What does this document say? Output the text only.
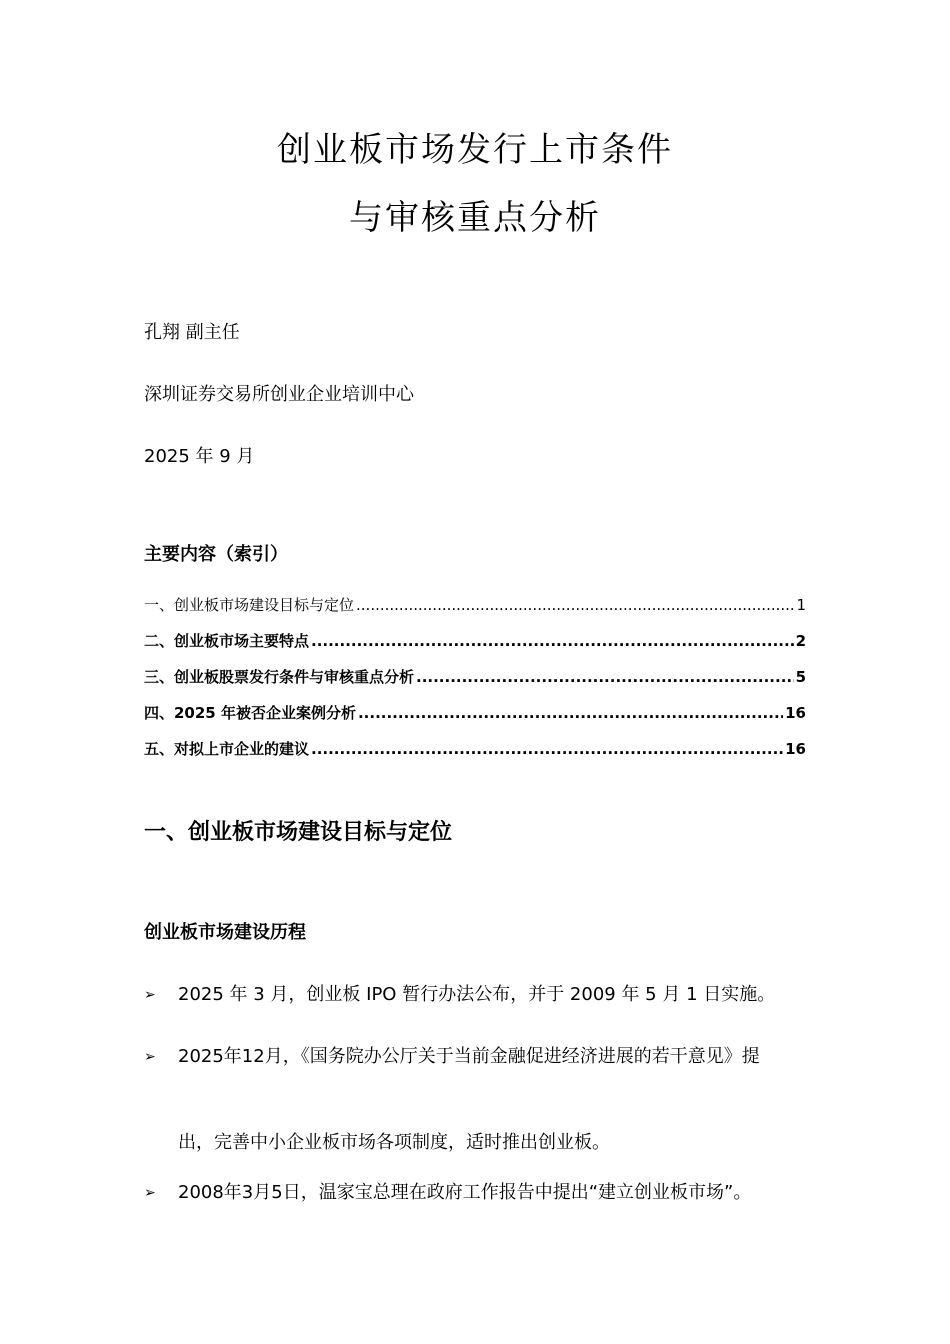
创业板市场发行上市条件
与审核重点分析

孔翔 副主任

深圳证券交易所创业企业培训中心

2025 年 9 月

主要内容（索引）
一、创业板市场建设目标与定位 .....	1
二、创业板市场主要特点 .....	2
三、创业板股票发行条件与审核重点分析 .....	5
四、2025 年被否企业案例分析 .....	16
五、对拟上市企业的建议 .....	16
一、创业板市场建设目标与定位
创业板市场建设历程
➢ 2025 年 3 月，创业板 IPO 暂行办法公布，并于 2009 年 5 月 1 日实施。
➢ 2025年12月，《国务院办公厅关于当前金融促进经济进展的若干意见》提
出，完善中小企业板市场各项制度，适时推出创业板。
➢ 2008年3月5日，温家宝总理在政府工作报告中提出“建立创业板市场”。
